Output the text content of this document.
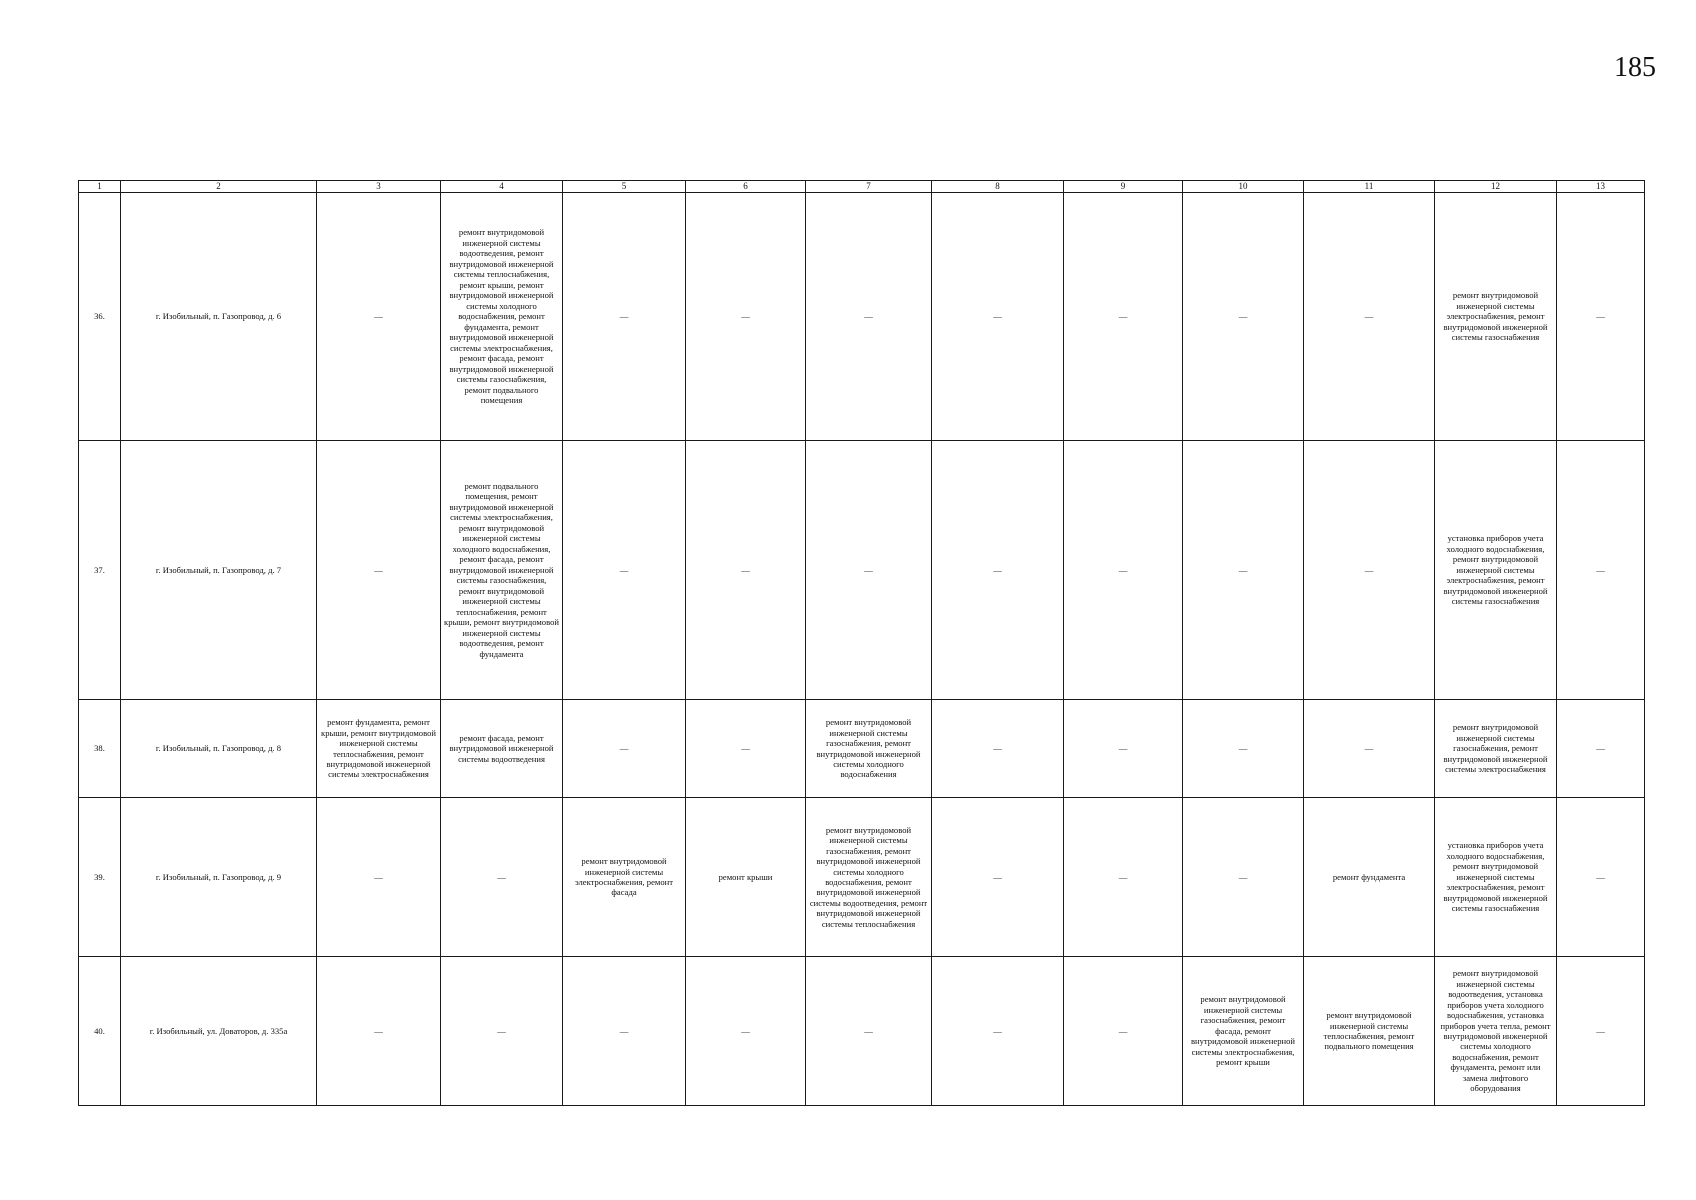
185
1	2	3	4	5	6	7	8	9	10	11	12	13
36.	г. Изобильный, п. Газопровод, д. 6	—	ремонт внутридомовой инженерной системы водоотведения, ремонт внутридомовой инженерной системы теплоснабжения, ремонт крыши, ремонт внутридомовой инженерной системы холодного водоснабжения, ремонт фундамента, ремонт внутридомовой инженерной системы электроснабжения, ремонт фасада, ремонт внутридомовой инженерной системы газоснабжения, ремонт подвального помещения	—	—	—	—	—	—	—	ремонт внутридомовой инженерной системы электроснабжения, ремонт внутридомовой инженерной системы газоснабжения	—
37.	г. Изобильный, п. Газопровод, д. 7	—	ремонт подвального помещения, ремонт внутридомовой инженерной системы электроснабжения, ремонт внутридомовой инженерной системы холодного водоснабжения, ремонт фасада, ремонт внутридомовой инженерной системы газоснабжения, ремонт внутридомовой инженерной системы теплоснабжения, ремонт крыши, ремонт внутридомовой инженерной системы водоотведения, ремонт фундамента	—	—	—	—	—	—	—	установка приборов учета холодного водоснабжения, ремонт внутридомовой инженерной системы электроснабжения, ремонт внутридомовой инженерной системы газоснабжения	—
38.	г. Изобильный, п. Газопровод, д. 8	ремонт фундамента, ремонт крыши, ремонт внутридомовой инженерной системы теплоснабжения, ремонт внутридомовой инженерной системы электроснабжения	ремонт фасада, ремонт внутридомовой инженерной системы водоотведения	—	—	ремонт внутридомовой инженерной системы газоснабжения, ремонт внутридомовой инженерной системы холодного водоснабжения	—	—	—	—	ремонт внутридомовой инженерной системы газоснабжения, ремонт внутридомовой инженерной системы электроснабжения	—
39.	г. Изобильный, п. Газопровод, д. 9	—	—	ремонт внутридомовой инженерной системы электроснабжения, ремонт фасада	ремонт крыши	ремонт внутридомовой инженерной системы газоснабжения, ремонт внутридомовой инженерной системы холодного водоснабжения, ремонт внутридомовой инженерной системы водоотведения, ремонт внутридомовой инженерной системы теплоснабжения	—	—	—	ремонт фундамента	установка приборов учета холодного водоснабжения, ремонт внутридомовой инженерной системы электроснабжения, ремонт внутридомовой инженерной системы газоснабжения	—
40.	г. Изобильный, ул. Доваторов, д. 335а	—	—	—	—	—	—	—	ремонт внутридомовой инженерной системы газоснабжения, ремонт фасада, ремонт внутридомовой инженерной системы электроснабжения, ремонт крыши	ремонт внутридомовой инженерной системы теплоснабжения, ремонт подвального помещения	ремонт внутридомовой инженерной системы водоотведения, установка приборов учета холодного водоснабжения, установка приборов учета тепла, ремонт внутридомовой инженерной системы холодного водоснабжения, ремонт фундамента, ремонт или замена лифтового оборудования	—
